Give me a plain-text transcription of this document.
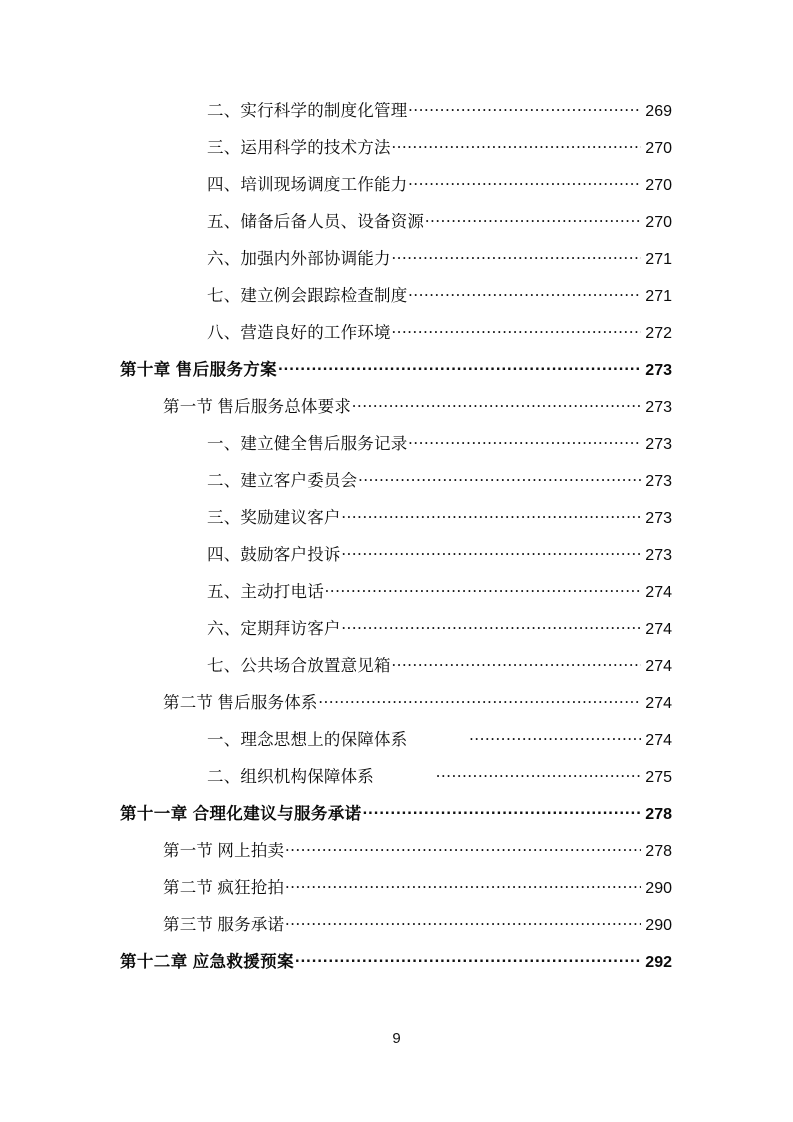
二、实行科学的制度化管理 .....	269
三、运用科学的技术方法 .....	270
四、培训现场调度工作能力 .....	270
五、储备后备人员、设备资源 .....	270
六、加强内外部协调能力 .....	271
七、建立例会跟踪检查制度 .....	271
八、营造良好的工作环境 .....	272
第十章 售后服务方案 .....	273
第一节 售后服务总体要求 .....	273
一、建立健全售后服务记录 .....	273
二、建立客户委员会 .....	273
三、奖励建议客户 .....	273
四、鼓励客户投诉 .....	273
五、主动打电话 .....	274
六、定期拜访客户 .....	274
七、公共场合放置意见箱 .....	274
第二节 售后服务体系 .....	274
一、理念思想上的保障体系 .....	274
二、组织机构保障体系 .....	275
第十一章 合理化建议与服务承诺 .....	278
第一节 网上拍卖 .....	278
第二节 疯狂抢拍 .....	290
第三节 服务承诺 .....	290
第十二章 应急救援预案 .....	292
9
